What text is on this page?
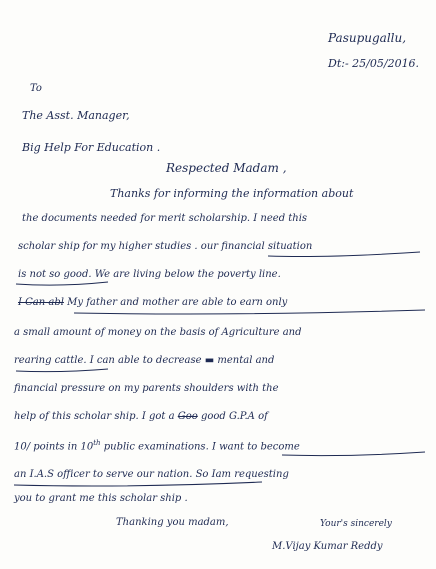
Pasupugallu,
Dt:- 25/05/2016.
To
The Asst. Manager,
Big Help For Education .
Respected Madam ,
Thanks for informing the information about
the documents needed for merit scholarship. I need this
scholar ship for my higher studies . our financial situation
is not so good. We are living below the poverty line.
I Can abl My father and mother are able to earn only
a small amount of money on the basis of Agriculture and
rearing cattle. I can able to decrease ▬ mental and
financial pressure on my parents shoulders with the
help of this scholar ship. I got a Goo good G.P.A of
10/ points in 10th public examinations. I want to become
an I.A.S officer to serve our nation. So Iam requesting
you to grant me this scholar ship .
Thanking you madam,	Your's sincerely
M.Vijay Kumar Reddy
